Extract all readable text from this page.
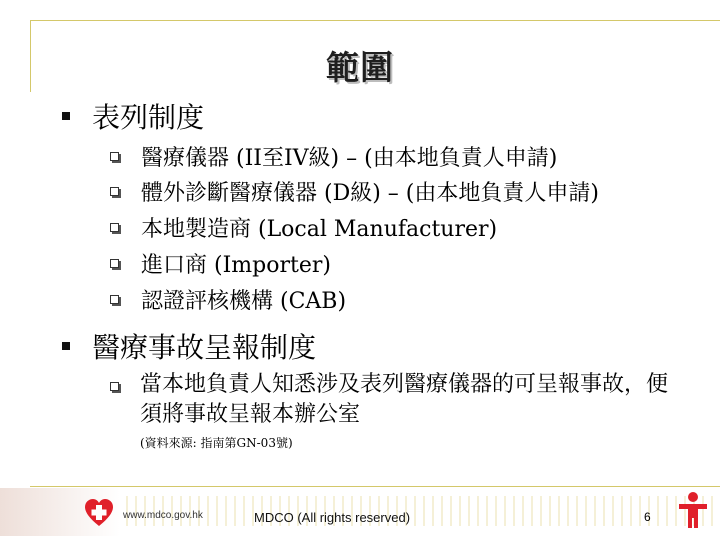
範圍
表列制度
醫療儀器 (II至IV級) – (由本地負責人申請)
體外診斷醫療儀器 (D級) – (由本地負責人申請)
本地製造商 (Local Manufacturer)
進口商 (Importer)
認證評核機構 (CAB)
醫療事故呈報制度
當本地負責人知悉涉及表列醫療儀器的可呈報事故，便須將事故呈報本辦公室
(資料來源: 指南第GN-03號)
www.mdco.gov.hk	MDCO (All rights reserved)	6
